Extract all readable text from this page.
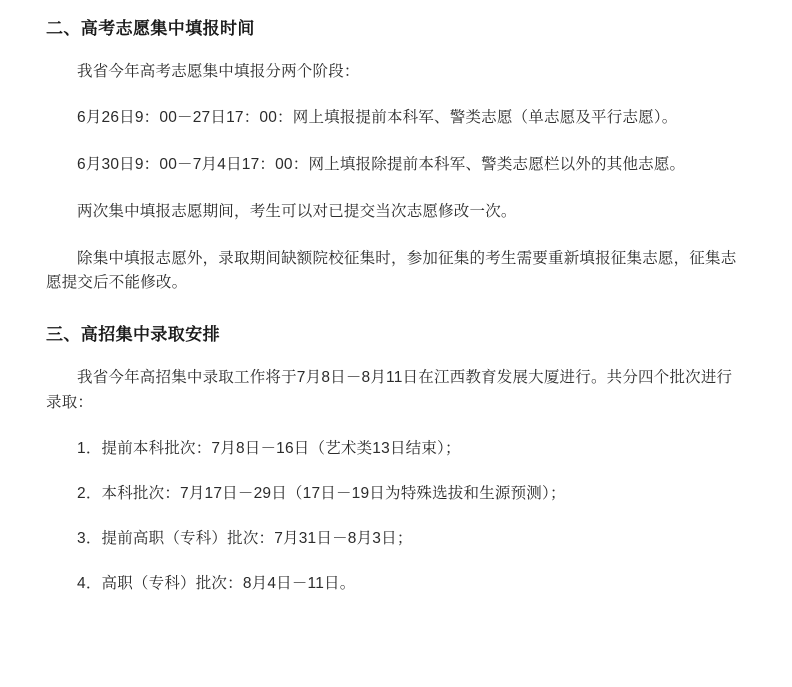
二、高考志愿集中填报时间

我省今年高考志愿集中填报分两个阶段：

6月26日9：00－27日17：00：网上填报提前本科军、警类志愿（单志愿及平行志愿）。

6月30日9：00－7月4日17：00：网上填报除提前本科军、警类志愿栏以外的其他志愿。

两次集中填报志愿期间，考生可以对已提交当次志愿修改一次。

除集中填报志愿外，录取期间缺额院校征集时，参加征集的考生需要重新填报征集志愿，征集志愿提交后不能修改。

三、高招集中录取安排

我省今年高招集中录取工作将于7月8日－8月11日在江西教育发展大厦进行。共分四个批次进行录取：

1．提前本科批次：7月8日－16日（艺术类13日结束）；

2．本科批次：7月17日－29日（17日－19日为特殊选拔和生源预测）；

3．提前高职（专科）批次：7月31日－8月3日；

4．高职（专科）批次：8月4日－11日。
